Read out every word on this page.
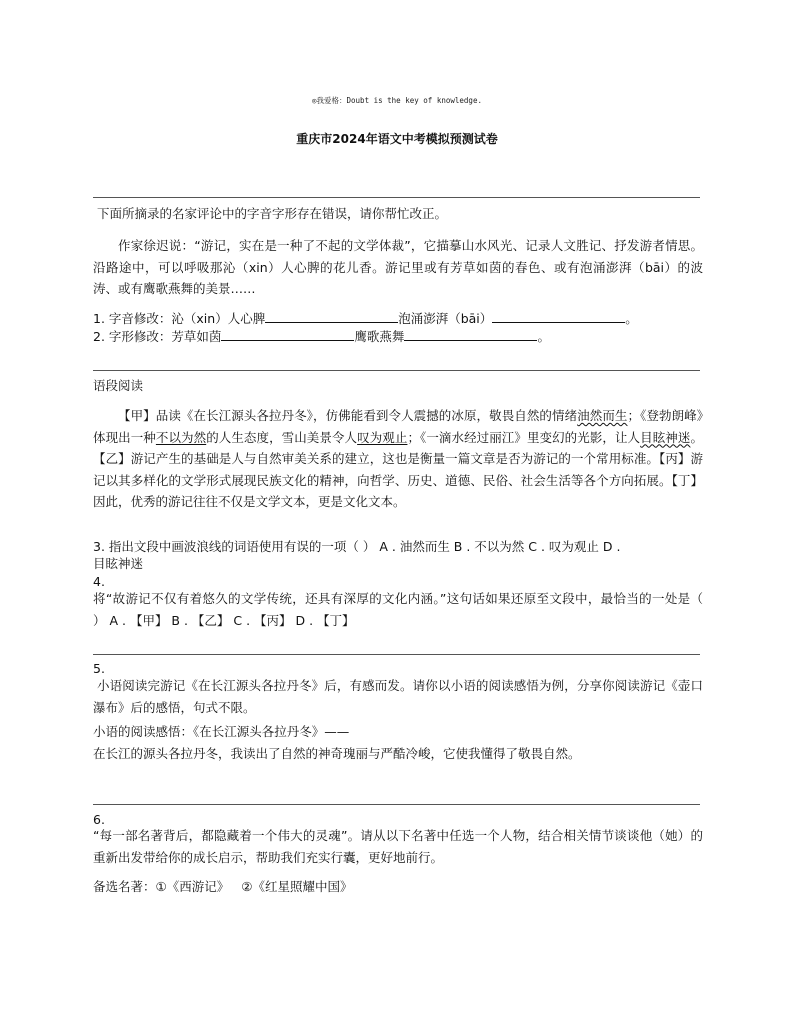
◎我爱格：Doubt is the key of knowledge.
重庆市2024年语文中考模拟预测试卷
下面所摘录的名家评论中的字音字形存在错误，请你帮忙改正。
作家徐迟说：“游记，实在是一种了不起的文学体裁”，它描摹山水风光、记录人文胜记、抒发游者情思。沿路途中，可以呼吸那沁（xin）人心脾的花儿香。游记里或有芳草如茵的春色、或有泡涌澎湃（bāi）的波涛、或有鹰歌燕舞的美景……
1. 字音修改：沁（xin）人心脾	泡涌澎湃（bāi）	。
2. 字形修改：芳草如茵	鹰歌燕舞	。
语段阅读
【甲】品读《在长江源头各拉丹冬》，仿佛能看到令人震撼的冰原，敬畏自然的情绪油然而生；《登勃朗峰》体现出一种不以为然的人生态度，雪山美景令人叹为观止；《一滴水经过丽江》里变幻的光影，让人目眩神迷。【乙】游记产生的基础是人与自然审美关系的建立，这也是衡量一篇文章是否为游记的一个常用标准。【丙】游记以其多样化的文学形式展现民族文化的精神，向哲学、历史、道德、民俗、社会生活等各个方向拓展。【丁】因此，优秀的游记往往不仅是文学文本，更是文化文本。
3. 指出文段中画波浪线的词语使用有误的一项（ ） A . 油然而生 B . 不以为然 C . 叹为观止 D .
目眩神迷
4.
将“故游记不仅有着悠久的文学传统，还具有深厚的文化内涵。”这句话如果还原至文段中，最恰当的一处是（ ） A . 【甲】 B . 【乙】 C . 【丙】 D . 【丁】
5.
小语阅读完游记《在长江源头各拉丹冬》后，有感而发。请你以小语的阅读感悟为例，分享你阅读游记《壶口瀑布》后的感悟，句式不限。
小语的阅读感悟：《在长江源头各拉丹冬》——
在长江的源头各拉丹冬，我读出了自然的神奇瑰丽与严酷冷峻，它使我懂得了敬畏自然。
6.
“每一部名著背后，都隐藏着一个伟大的灵魂”。请从以下名著中任选一个人物，结合相关情节谈谈他（她）的重新出发带给你的成长启示，帮助我们充实行囊，更好地前行。
备选名著：①《西游记》 ②《红星照耀中国》
